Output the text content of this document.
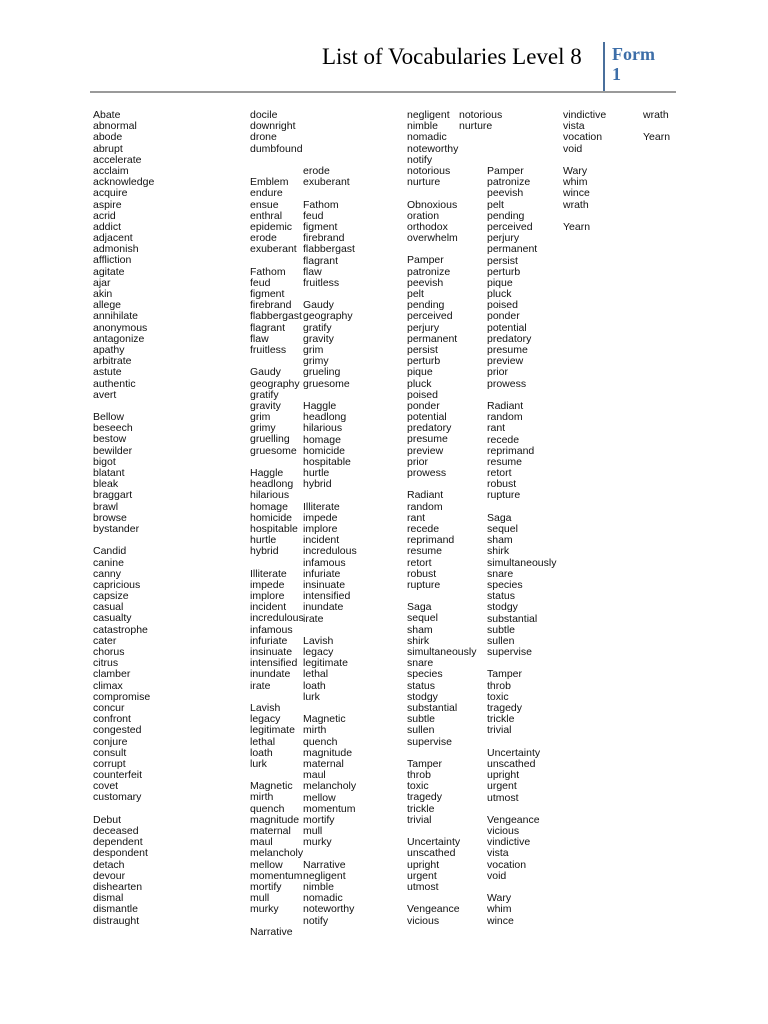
List of Vocabularies Level 8 Form
1
Abate
abnormal
abode
abrupt
accelerate
acclaim
acknowledge
acquire
aspire
acrid
addict
adjacent
admonish
affliction
agitate
ajar
akin
allege
annihilate
anonymous
antagonize
apathy
arbitrate
astute
authentic
avert
Bellow
beseech
bestow
bewilder
bigot
blatant
bleak
braggart
brawl
browse
bystander
Candid
canine
canny
capricious
capsize
casual
casualty
catastrophe
cater
chorus
citrus
clamber
climax
compromise
concur
confront
congested
conjure
consult
corrupt
counterfeit
covet
customary
Debut
deceased
dependent
despondent
detach
devour
dishearten
dismal
dismantle
distraught
docile
downright
drone
dumbfound
Emblem
endure
ensue
enthral
epidemic
erode
exuberant
Fathom
feud
figment
firebrand
flabbergast
flagrant
flaw
fruitless
Gaudy
geography
gratify
gravity
grim
grimy
gruelling
gruesome
Haggle
headlong
hilarious
homage
homicide
hospitable
hurtle
hybrid
Illiterate
impede
implore
incident
incredulous
infamous
infuriate
insinuate
intensified
inundate
irate
Lavish
legacy
legitimate
lethal
loath
lurk
Magnetic
mirth
quench
magnitude
maternal
maul
melancholy
mellow
momentum
mortify
mull
murky
Narrative
erode
exuberant
Fathom
feud
figment
firebrand
flabbergast
flagrant
flaw
fruitless
Gaudy
geography
gratify
gravity
grim
grimy
grueling
gruesome
Haggle
headlong
hilarious
homage
homicide
hospitable
hurtle
hybrid
Illiterate
impede
implore
incident
incredulous
infamous
infuriate
insinuate
intensified
inundate
irate
Lavish
legacy
legitimate
lethal
loath
lurk
Magnetic
mirth
quench
magnitude
maternal
maul
melancholy
mellow
momentum
mortify
mull
murky
Narrative
negligent
nimble
nomadic
noteworthy
notify
negligent
nimble
nomadic
noteworthy
notify
notorious
nurture
Obnoxious
oration
orthodox
overwhelm
Pamper
patronize
peevish
pelt
pending
perceived
perjury
permanent
persist
perturb
pique
pluck
poised
ponder
potential
predatory
presume
preview
prior
prowess
Radiant
random
rant
recede
reprimand
resume
retort
robust
rupture
Saga
sequel
sham
shirk
simultaneously
snare
species
status
stodgy
substantial
subtle
sullen
supervise
Tamper
throb
toxic
tragedy
trickle
trivial
Uncertainty
unscathed
upright
urgent
utmost
Vengeance
vicious
notorious
nurture
Pamper
patronize
peevish
pelt
pending
perceived
perjury
permanent
persist
perturb
pique
pluck
poised
ponder
potential
predatory
presume
preview
prior
prowess
Radiant
random
rant
recede
reprimand
resume
retort
robust
rupture
Saga
sequel
sham
shirk
simultaneously
snare
species
status
stodgy
substantial
subtle
sullen
supervise
Tamper
throb
toxic
tragedy
trickle
trivial
Uncertainty
unscathed
upright
urgent
utmost
Vengeance
vicious
vindictive
vista
vocation
void
Wary
whim
wince
vindictive
vista
vocation
void
Wary
whim
wince
wrath
Yearn
wrath
Yearn
